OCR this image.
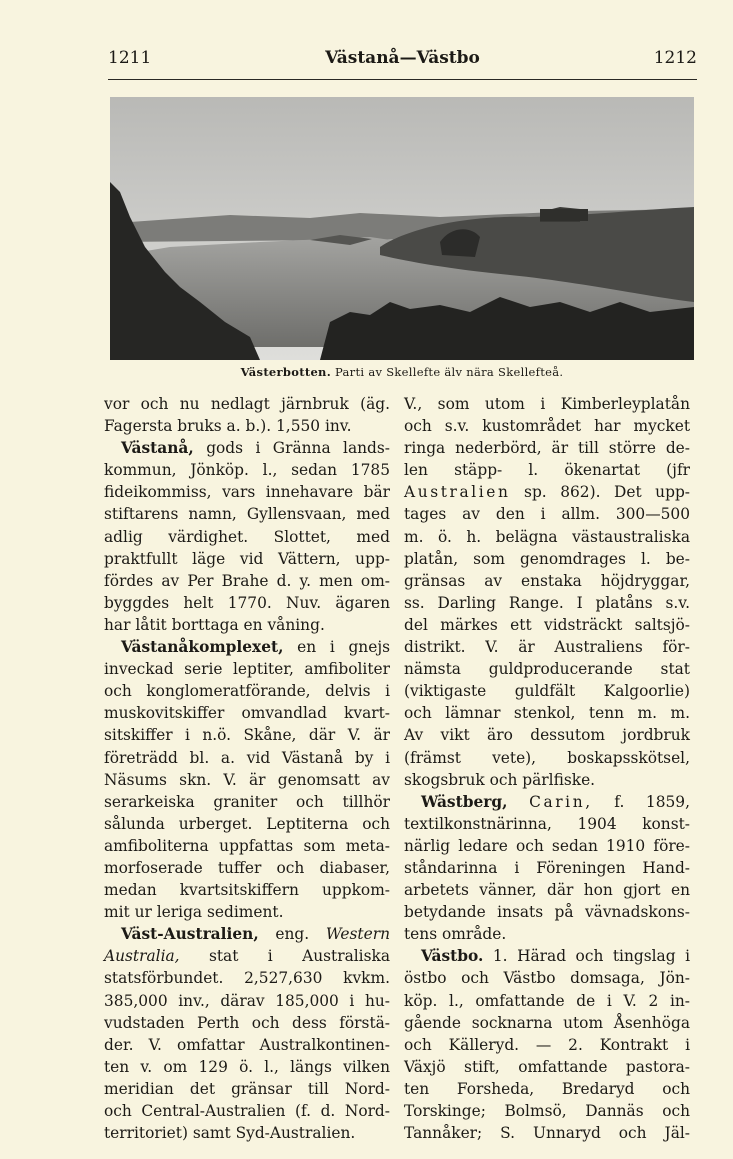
1211	Västanå—Västbo	1212
Västerbotten. Parti av Skellefte älv nära Skellefteå.

vor och nu nedlagt järnbruk (äg.
Fagersta bruks a. b.). 1,550 inv.

Västanå, gods i Gränna lands-
kommun, Jönköp. l., sedan 1785
fideikommiss, vars innehavare bär
stiftarens namn, Gyllensvaan, med
adlig värdighet. Slottet, med
praktfullt läge vid Vättern, upp-
fördes av Per Brahe d. y. men om-
byggdes helt 1770. Nuv. ägaren
har låtit borttaga en våning.

Västanåkomplexet, en i gnejs
inveckad serie leptiter, amfiboliter
och konglomeratförande, delvis i
muskovitskiffer omvandlad kvart-
sitskiffer i n.ö. Skåne, där V. är
företrädd bl. a. vid Västanå by i
Näsums skn. V. är genomsatt av
serarkeiska graniter och tillhör
sålunda urberget. Leptiterna och
amfiboliterna uppfattas som meta-
morfoserade tuffer och diabaser,
medan kvartsitskiffern uppkom-
mit ur leriga sediment.

Väst-Australien, eng. Western
Australia, stat i Australiska
statsförbundet. 2,527,630 kvkm.
385,000 inv., därav 185,000 i hu-
vudstaden Perth och dess förstä-
der. V. omfattar Australkontinen-
ten v. om 129 ö. l., längs vilken
meridian det gränsar till Nord-
och Central-Australien (f. d. Nord-
territoriet) samt Syd-Australien.

V., som utom i Kimberleyplatån
och s.v. kustområdet har mycket
ringa nederbörd, är till större de-
len stäpp- l. ökenartat (jfr
Australien sp. 862). Det upp-
tages av den i allm. 300—500
m. ö. h. belägna västaustraliska
platån, som genomdrages l. be-
gränsas av enstaka höjdryggar,
ss. Darling Range. I platåns s.v.
del märkes ett vidsträckt saltsjö-
distrikt. V. är Australiens för-
nämsta guldproducerande stat
(viktigaste guldfält Kalgoorlie)
och lämnar stenkol, tenn m. m.
Av vikt äro dessutom jordbruk
(främst vete), boskapsskötsel,
skogsbruk och pärlfiske.

Wästberg, Carin, f. 1859,
textilkonstnärinna, 1904 konst-
närlig ledare och sedan 1910 före-
ståndarinna i Föreningen Hand-
arbetets vänner, där hon gjort en
betydande insats på vävnadskons-
tens område.

Västbo. 1. Härad och tingslag i
östbo och Västbo domsaga, Jön-
köp. l., omfattande de i V. 2 in-
gående socknarna utom Åsenhöga
och Källeryd. — 2. Kontrakt i
Växjö stift, omfattande pastora-
ten Forsheda, Bredaryd och
Torskinge; Bolmsö, Dannäs och
Tannåker; S. Unnaryd och Jäl-
